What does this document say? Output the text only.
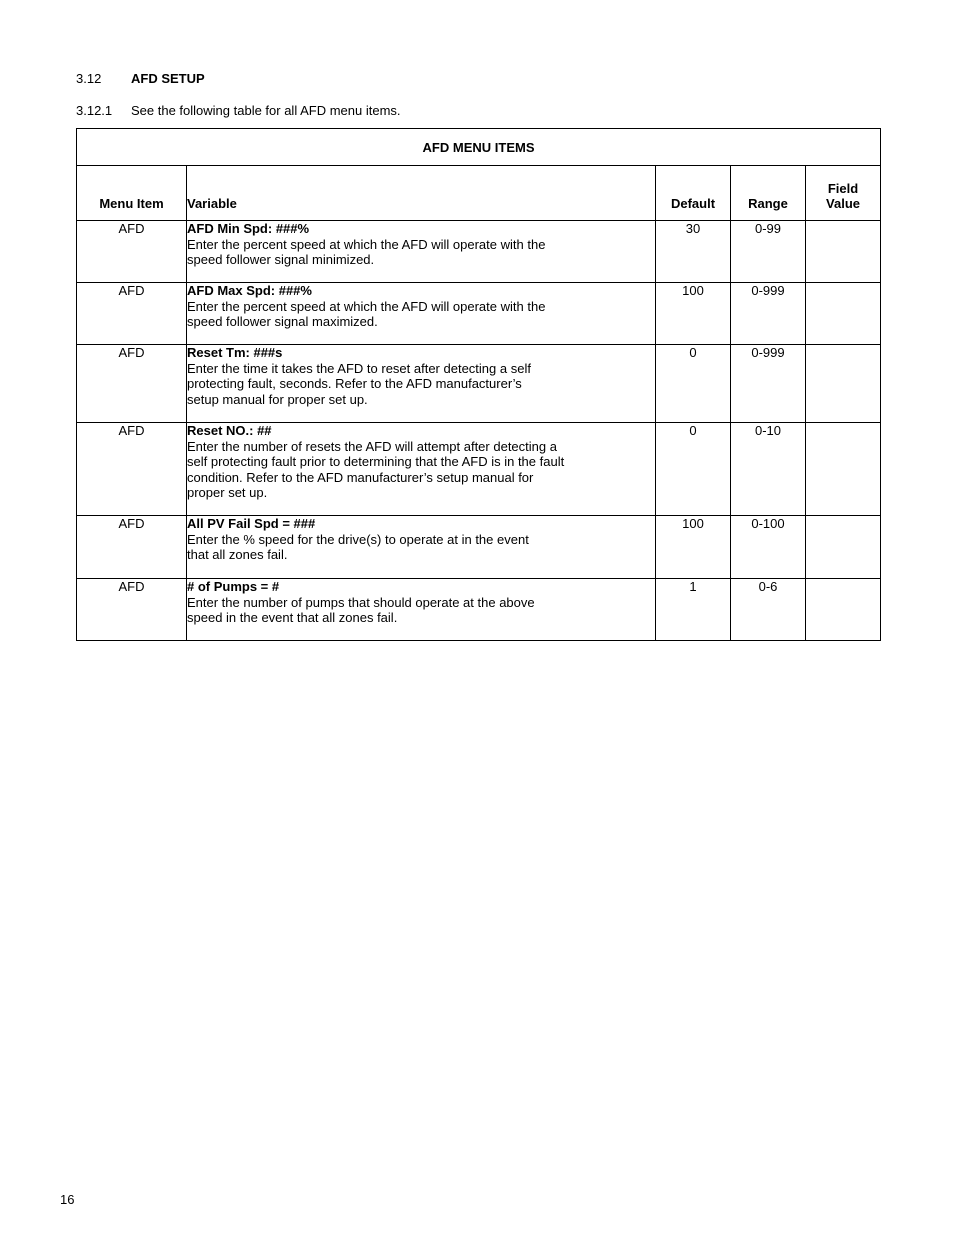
3.12 AFD SETUP
3.12.1 See the following table for all AFD menu items.
AFD MENU ITEMS				
Menu Item	Variable	Default	Range	Field
Value
AFD	AFD Min Spd: ###%
Enter the percent speed at which the AFD will operate with the
speed follower signal minimized.	30	0-99	
AFD	AFD Max Spd: ###%
Enter the percent speed at which the AFD will operate with the
speed follower signal maximized.	100	0-999	
AFD	Reset Tm: ###s
Enter the time it takes the AFD to reset after detecting a self
protecting fault, seconds. Refer to the AFD manufacturer’s
setup manual for proper set up.	0	0-999	
AFD	Reset NO.: ##
Enter the number of resets the AFD will attempt after detecting a
self protecting fault prior to determining that the AFD is in the fault
condition. Refer to the AFD manufacturer’s setup manual for
proper set up.	0	0-10	
AFD	All PV Fail Spd = ###
Enter the % speed for the drive(s) to operate at in the event
that all zones fail.	100	0-100	
AFD	# of Pumps = #
Enter the number of pumps that should operate at the above
speed in the event that all zones fail.	1	0-6	
16
